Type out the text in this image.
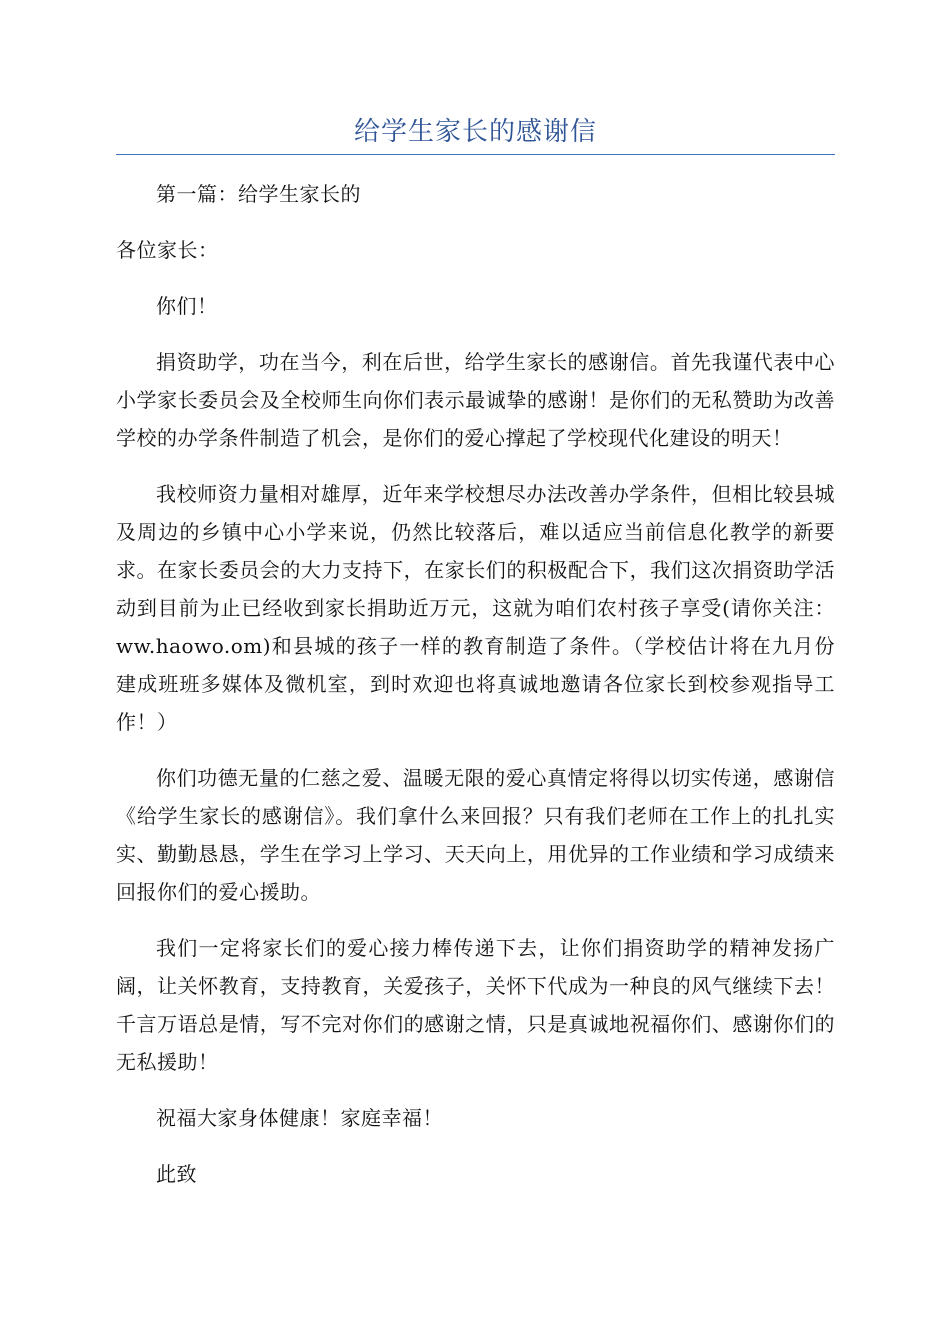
给学生家长的感谢信

第一篇：给学生家长的

各位家长：

你们！

捐资助学，功在当今，利在后世，给学生家长的感谢信。首先我谨代表中心小学家长委员会及全校师生向你们表示最诚挚的感谢！是你们的无私赞助为改善学校的办学条件制造了机会，是你们的爱心撑起了学校现代化建设的明天！

我校师资力量相对雄厚，近年来学校想尽办法改善办学条件，但相比较县城及周边的乡镇中心小学来说，仍然比较落后，难以适应当前信息化教学的新要求。在家长委员会的大力支持下，在家长们的积极配合下，我们这次捐资助学活动到目前为止已经收到家长捐助近万元，这就为咱们农村孩子享受(请你关注：ww.haowo.om)和县城的孩子一样的教育制造了条件。（学校估计将在九月份建成班班多媒体及微机室，到时欢迎也将真诚地邀请各位家长到校参观指导工作！）

你们功德无量的仁慈之爱、温暖无限的爱心真情定将得以切实传递，感谢信《给学生家长的感谢信》。我们拿什么来回报？只有我们老师在工作上的扎扎实实、勤勤恳恳，学生在学习上学习、天天向上，用优异的工作业绩和学习成绩来回报你们的爱心援助。

我们一定将家长们的爱心接力棒传递下去，让你们捐资助学的精神发扬广阔，让关怀教育，支持教育，关爱孩子，关怀下代成为一种良的风气继续下去！千言万语总是情，写不完对你们的感谢之情，只是真诚地祝福你们、感谢你们的无私援助！

祝福大家身体健康！家庭幸福！

此致
